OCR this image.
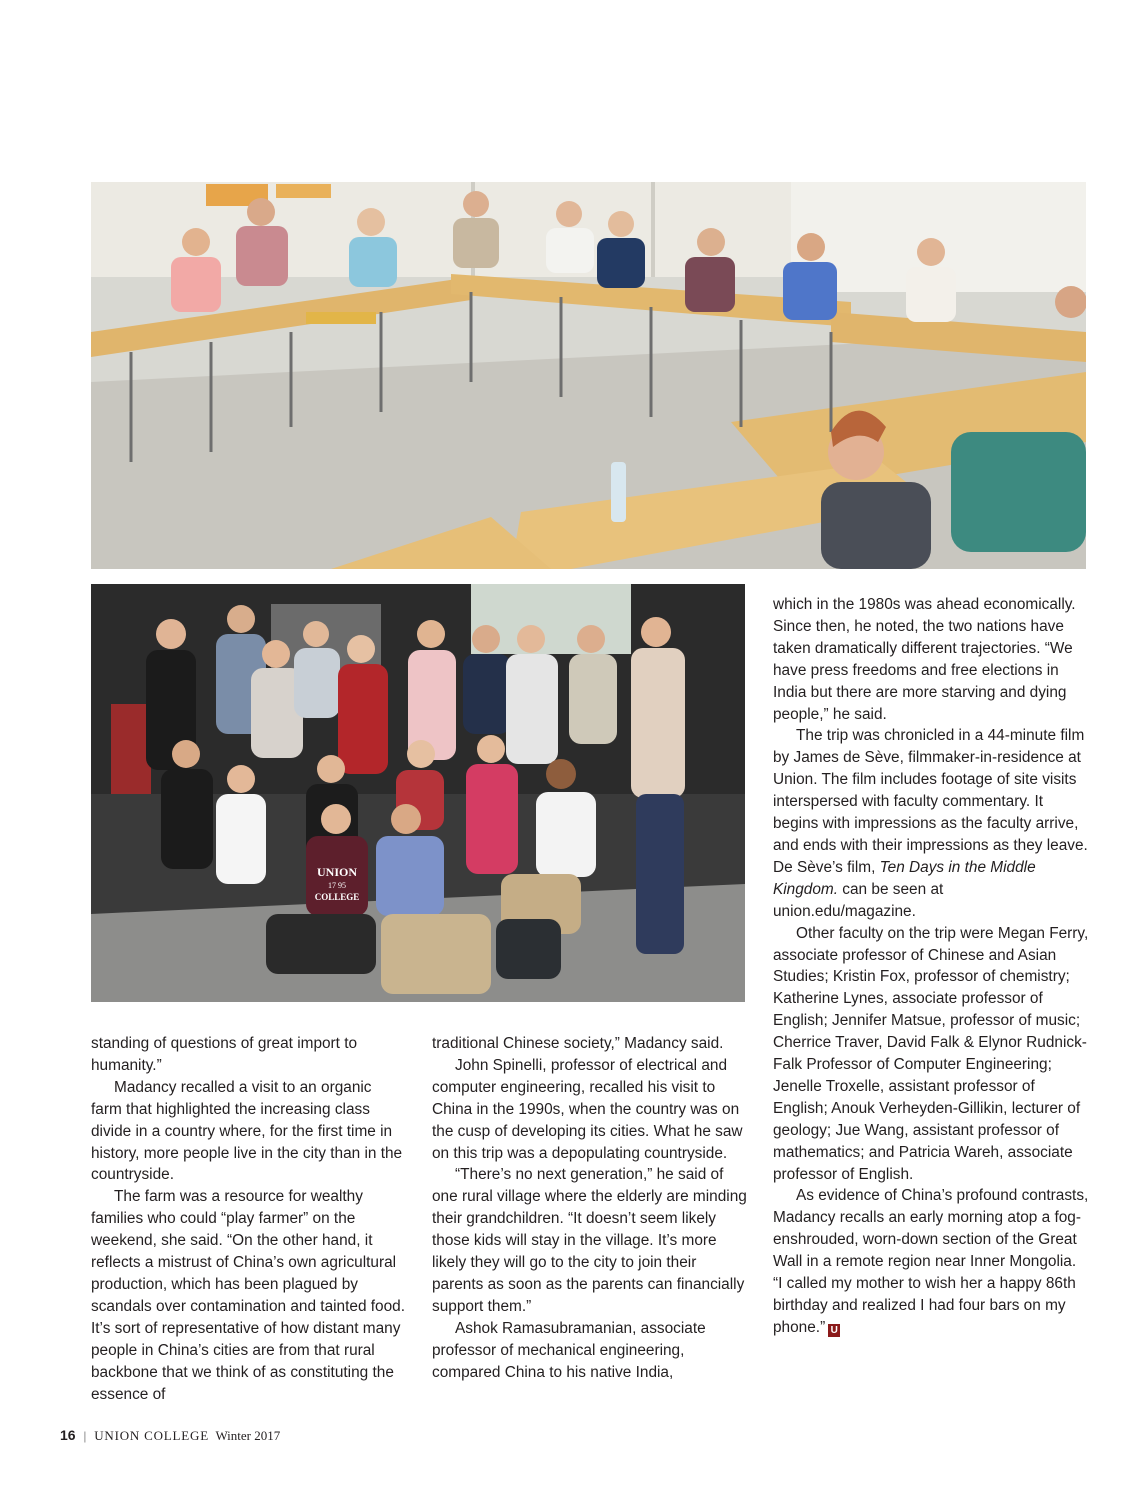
UNION
17 95
COLLEGE

standing of questions of great import to humanity.”

Madancy recalled a visit to an organic farm that highlighted the increasing class divide in a country where, for the first time in history, more people live in the city than in the countryside.

The farm was a resource for wealthy families who could “play farmer” on the weekend, she said. “On the other hand, it reflects a mistrust of China’s own agricultural production, which has been plagued by scandals over contamination and tainted food. It’s sort of representative of how distant many people in China’s cities are from that rural backbone that we think of as constituting the essence of

traditional Chinese society,” Madancy said.

John Spinelli, professor of electrical and computer engineering, recalled his visit to China in the 1990s, when the country was on the cusp of developing its cities. What he saw on this trip was a depopulating countryside.

“There’s no next generation,” he said of one rural village where the elderly are minding their grandchildren. “It doesn’t seem likely those kids will stay in the village. It’s more likely they will go to the city to join their parents as soon as the parents can financially support them.”

Ashok Ramasubramanian, associate professor of mechanical engineering, compared China to his native India,

which in the 1980s was ahead economically. Since then, he noted, the two nations have taken dramatically different trajectories. “We have press freedoms and free elections in India but there are more starving and dying people,” he said.

The trip was chronicled in a 44-minute film by James de Sève, filmmaker-in-residence at Union. The film includes footage of site visits interspersed with faculty commentary. It begins with impressions as the faculty arrive, and ends with their impressions as they leave. De Sève’s film, Ten Days in the Middle Kingdom. can be seen at union.edu/magazine.

Other faculty on the trip were Megan Ferry, associate professor of Chinese and Asian Studies; Kristin Fox, professor of chemistry; Katherine Lynes, associate professor of English; Jennifer Matsue, professor of music; Cherrice Traver, David Falk & Elynor Rudnick-Falk Professor of Computer Engineering; Jenelle Troxelle, assistant professor of English; Anouk Verheyden-Gillikin, lecturer of geology; Jue Wang, assistant professor of mathematics; and Patricia Wareh, associate professor of English.

As evidence of China’s profound contrasts, Madancy recalls an early morning atop a fog-enshrouded, worn-down section of the Great Wall in a remote region near Inner Mongolia. “I called my mother to wish her a happy 86th birthday and realized I had four bars on my phone.” U

16 | UNION COLLEGE Winter 2017
